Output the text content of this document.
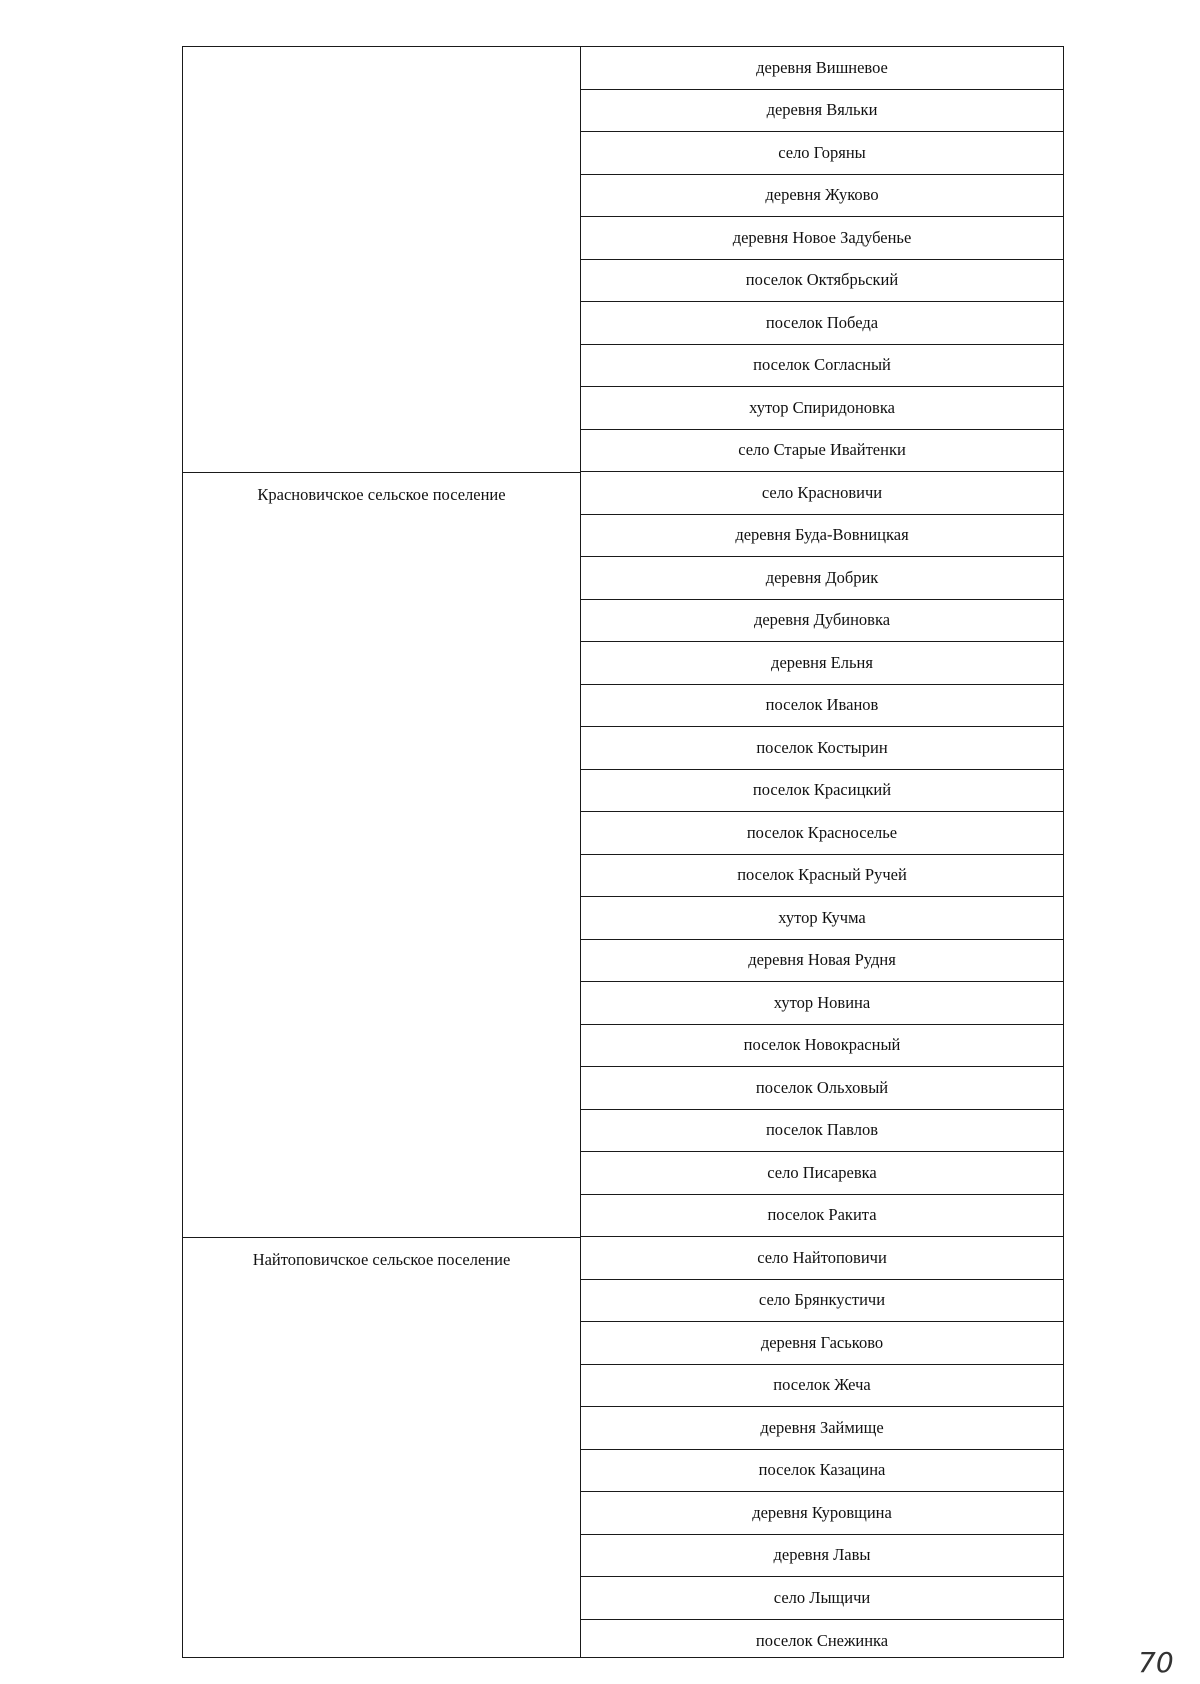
Красновичское сельское поселение
Найтоповичское сельское поселение
деревня Вишневое
деревня Вяльки
село Горяны
деревня Жуково
деревня Новое Задубенье
поселок Октябрьский
поселок Победа
поселок Согласный
хутор Спиридоновка
село Старые Ивайтенки
село Красновичи
деревня Буда-Вовницкая
деревня Добрик
деревня Дубиновка
деревня Ельня
поселок Иванов
поселок Костырин
поселок Красицкий
поселок Красноселье
поселок Красный Ручей
хутор Кучма
деревня Новая Рудня
хутор Новина
поселок Новокрасный
поселок Ольховый
поселок Павлов
село Писаревка
поселок Ракита
село Найтоповичи
село Брянкустичи
деревня Гаськово
поселок Жеча
деревня Займище
поселок Казацина
деревня Куровщина
деревня Лавы
село Лыщичи
поселок Снежинка
70
